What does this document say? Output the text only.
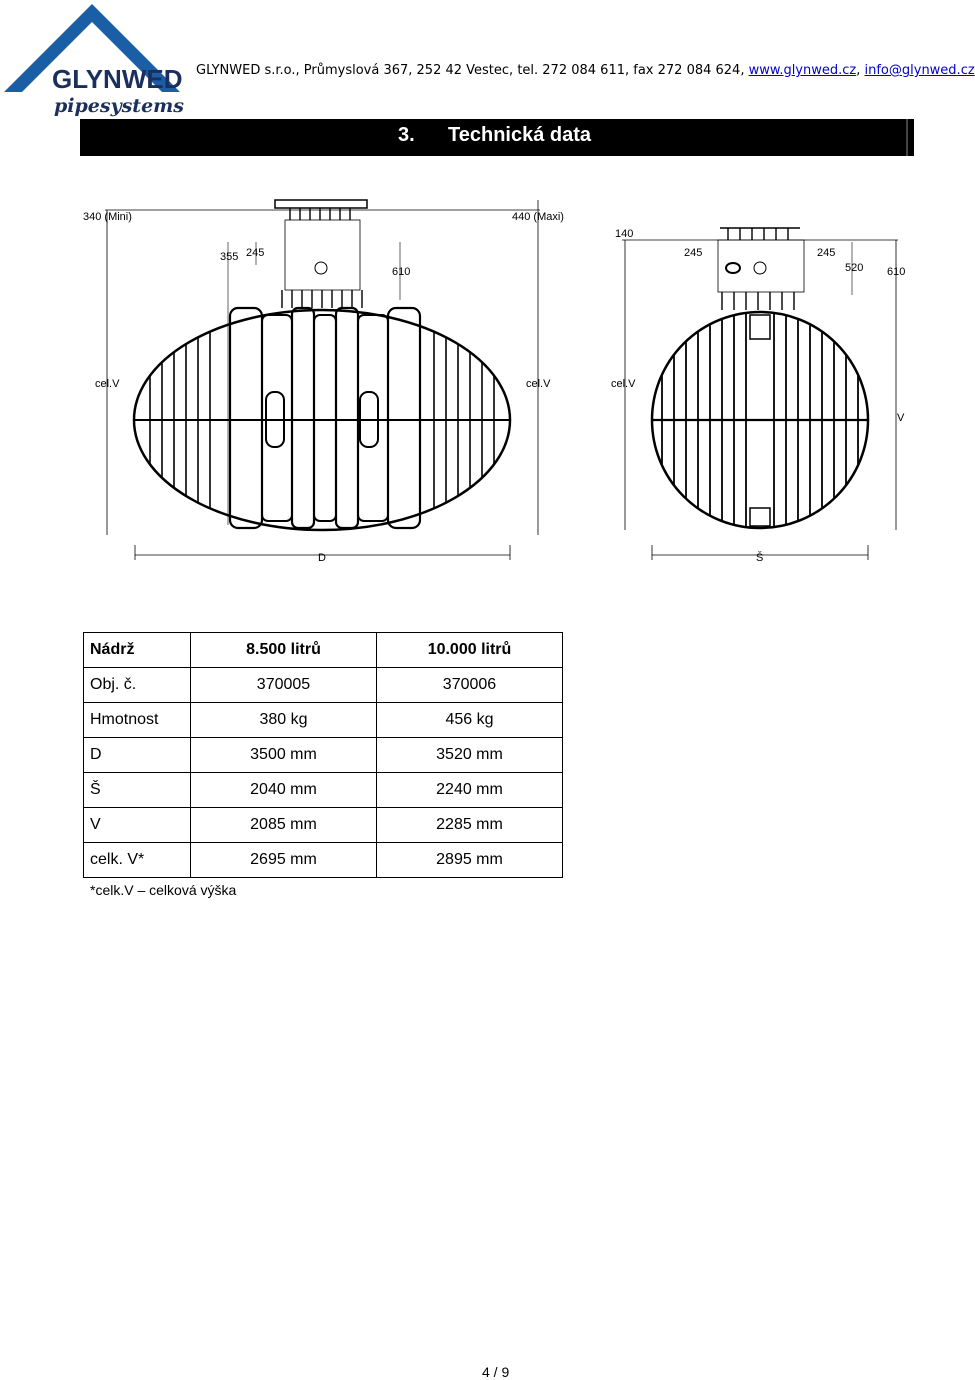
GLYNWED
pipesystems
GLYNWED s.r.o., Průmyslová 367, 252 42 Vestec, tel. 272 084 611, fax 272 084 624, www.glynwed.cz, info@glynwed.cz
3. Technická data
340 (Mini)	440 (Maxi)
355 245
610
cel.V	cel.V
D
140
245	245
520 610
cel.V
V
Š
Nádrž	8.500 litrů	10.000 litrů
Obj. č.	370005	370006
Hmotnost	380 kg	456 kg
D	3500 mm	3520 mm
Š	2040 mm	2240 mm
V	2085 mm	2285 mm
celk. V*	2695 mm	2895 mm
*celk.V – celková výška
4 / 9
